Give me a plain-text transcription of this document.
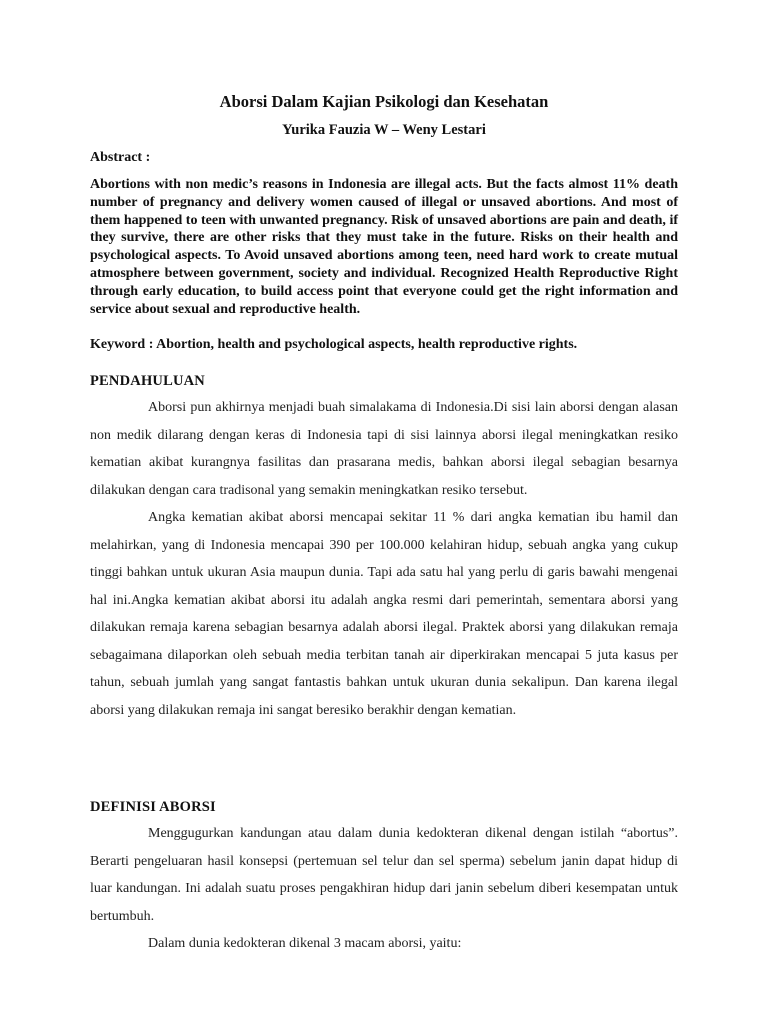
Aborsi Dalam Kajian Psikologi dan Kesehatan
Yurika Fauzia W – Weny Lestari
Abstract :
Abortions with non medic’s reasons in Indonesia are illegal acts. But the facts almost 11% death number of pregnancy and delivery women caused of illegal or unsaved abortions. And most of them happened to teen with unwanted pregnancy. Risk of unsaved abortions are pain and death, if they survive, there are other risks that they must take in the future. Risks on their health and psychological aspects. To Avoid unsaved abortions among teen, need hard work to create mutual atmosphere between government, society and individual. Recognized Health Reproductive Right through early education, to build access point that everyone could get the right information and service about sexual and reproductive health.
Keyword : Abortion, health and psychological aspects, health reproductive rights.
PENDAHULUAN

Aborsi pun akhirnya menjadi buah simalakama di Indonesia.Di sisi lain aborsi dengan alasan non medik dilarang dengan keras di Indonesia tapi di sisi lainnya aborsi ilegal meningkatkan resiko kematian akibat kurangnya fasilitas dan prasarana medis, bahkan aborsi ilegal sebagian besarnya dilakukan dengan cara tradisonal yang semakin meningkatkan resiko tersebut.

Angka kematian akibat aborsi mencapai sekitar 11 % dari angka kematian ibu hamil dan melahirkan, yang di Indonesia mencapai 390 per 100.000 kelahiran hidup, sebuah angka yang cukup tinggi bahkan untuk ukuran Asia maupun dunia. Tapi ada satu hal yang perlu di garis bawahi mengenai hal ini.Angka kematian akibat aborsi itu adalah angka resmi dari pemerintah, sementara aborsi yang dilakukan remaja karena sebagian besarnya adalah aborsi ilegal. Praktek aborsi yang dilakukan remaja sebagaimana dilaporkan oleh sebuah media terbitan tanah air diperkirakan mencapai 5 juta kasus per tahun, sebuah jumlah yang sangat fantastis bahkan untuk ukuran dunia sekalipun. Dan karena ilegal aborsi yang dilakukan remaja ini sangat beresiko berakhir dengan kematian.

DEFINISI ABORSI

Menggugurkan kandungan atau dalam dunia kedokteran dikenal dengan istilah “abortus”. Berarti pengeluaran hasil konsepsi (pertemuan sel telur dan sel sperma) sebelum janin dapat hidup di luar kandungan. Ini adalah suatu proses pengakhiran hidup dari janin sebelum diberi kesempatan untuk bertumbuh.

Dalam dunia kedokteran dikenal 3 macam aborsi, yaitu:
